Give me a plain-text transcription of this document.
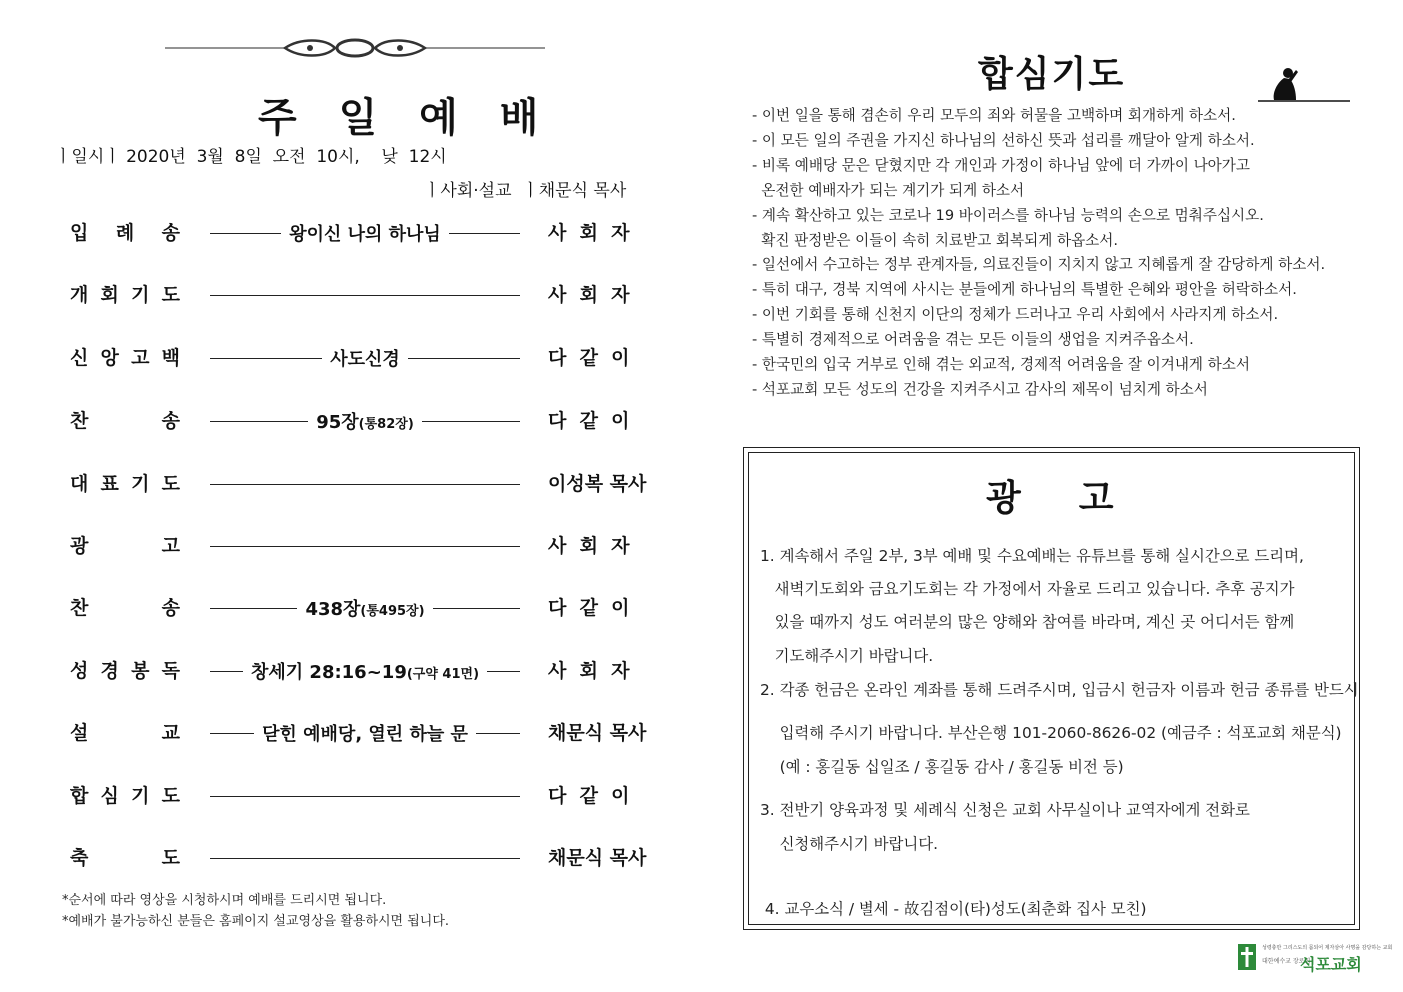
주 일 예 배
ㅣ일시ㅣ 2020년  3월  8일  오전  10시,    낮  12시
ㅣ사회·설교  ㅣ채문식 목사
입 례 송	왕이신 나의 하나님	사  회  자
개 회 기 도	사  회  자
신 앙 고 백	사도신경	다  같  이
찬	송	95장(통82장)	다  같  이
대 표 기 도	이성복 목사
광	고	사  회  자
찬	송	438장(통495장)	다  같  이
성 경 봉 독	창세기 28:16~19(구약 41면)	사  회  자
설	교	닫힌 예배당, 열린 하늘 문	채문식 목사
합 심 기 도	다  같  이
축	도	채문식 목사
*순서에 따라 영상을 시청하시며 예배를 드리시면 됩니다.
*예배가 불가능하신 분들은 홈페이지 설교영상을 활용하시면 됩니다.
합심기도
- 이번 일을 통해 겸손히 우리 모두의 죄와 허물을 고백하며 회개하게 하소서.
- 이 모든 일의 주권을 가지신 하나님의 선하신 뜻과 섭리를 깨달아 알게 하소서.
- 비록 예배당 문은 닫혔지만 각 개인과 가정이 하나님 앞에 더 가까이 나아가고
온전한 예배자가 되는 계기가 되게 하소서
- 계속 확산하고 있는 코로나 19 바이러스를 하나님 능력의 손으로 멈춰주십시오.
확진 판정받은 이들이 속히 치료받고 회복되게 하옵소서.
- 일선에서 수고하는 정부 관계자들, 의료진들이 지치지 않고 지혜롭게 잘 감당하게 하소서.
- 특히 대구, 경북 지역에 사시는 분들에게 하나님의 특별한 은혜와 평안을 허락하소서.
- 이번 기회를 통해 신천지 이단의 정체가 드러나고 우리 사회에서 사라지게 하소서.
- 특별히 경제적으로 어려움을 겪는 모든 이들의 생업을 지켜주옵소서.
- 한국민의 입국 거부로 인해 겪는 외교적, 경제적 어려움을 잘 이겨내게 하소서
- 석포교회 모든 성도의 건강을 지켜주시고 감사의 제목이 넘치게 하소서
광고
1. 계속해서 주일 2부, 3부 예배 및 수요예배는 유튜브를 통해 실시간으로 드리며,
새벽기도회와 금요기도회는 각 가정에서 자율로 드리고 있습니다. 추후 공지가
있을 때까지 성도 여러분의 많은 양해와 참여를 바라며, 계신 곳 어디서든 함께
기도해주시기 바랍니다.
2. 각종 헌금은 온라인 계좌를 통해 드려주시며, 입금시 헌금자 이름과 헌금 종류를 반드시
입력해 주시기 바랍니다. 부산은행 101-2060-8626-02 (예금주 : 석포교회 채문식)
(예 : 홍길동 십일조 / 홍길동 감사 / 홍길동 비전 등)
3. 전반기 양육과정 및 세례식 신청은 교회 사무실이나 교역자에게 전화로
신청해주시기 바랍니다.
4. 교우소식 / 별세 - 故김점이(타)성도(최춘화 집사 모친)
성령충만 그리스도의 몸되어 제자삼아 사명을 감당하는 교회
대한예수교 장로회
석포교회
